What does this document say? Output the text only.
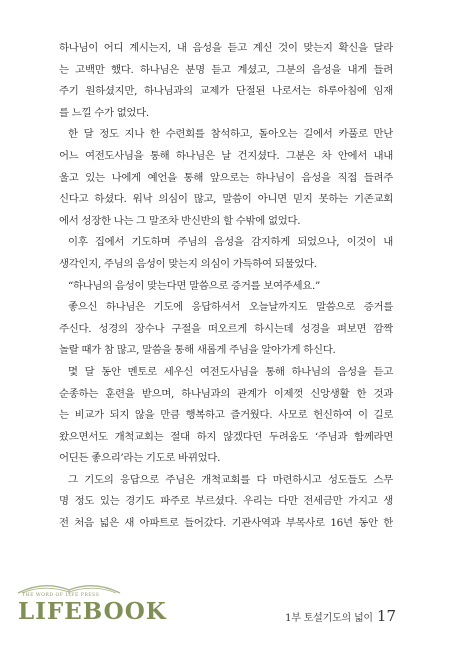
하나님이 어디 계시는지, 내 음성을 듣고 계신 것이 맞는지 확신을 달라
는 고백만 했다. 하나님은 분명 듣고 계셨고, 그분의 음성을 내게 들려
주기 원하셨지만, 하나님과의 교제가 단절된 나로서는 하루아침에 임재
를 느낄 수가 없었다.
한 달 정도 지나 한 수련회를 참석하고, 돌아오는 길에서 카풀로 만난
어느 여전도사님을 통해 하나님은 날 건지셨다. 그분은 차 안에서 내내
울고 있는 나에게 예언을 통해 앞으로는 하나님이 음성을 직접 들려주
신다고 하셨다. 워낙 의심이 많고, 말씀이 아니면 믿지 못하는 기존교회
에서 성장한 나는 그 말조차 반신반의 할 수밖에 없었다.
이후 집에서 기도하며 주님의 음성을 감지하게 되었으나, 이것이 내
생각인지, 주님의 음성이 맞는지 의심이 가득하여 되물었다.
“하나님의 음성이 맞는다면 말씀으로 증거를 보여주세요.”
좋으신 하나님은 기도에 응답하셔서 오늘날까지도 말씀으로 증거를
주신다. 성경의 장수나 구절을 떠오르게 하시는데 성경을 펴보면 깜짝
놀랄 때가 참 많고, 말씀을 통해 새롭게 주님을 알아가게 하신다.
몇 달 동안 멘토로 세우신 여전도사님을 통해 하나님의 음성을 듣고
순종하는 훈련을 받으며, 하나님과의 관계가 이제껏 신앙생활 한 것과
는 비교가 되지 않을 만큼 행복하고 즐거웠다. 사모로 헌신하여 이 길로
왔으면서도 개척교회는 절대 하지 않겠다던 두려움도 ‘주님과 함께라면
어딘든 좋으리’라는 기도로 바뀌었다.
그 기도의 응답으로 주님은 개척교회를 다 마련하시고 성도들도 스무
명 정도 있는 경기도 파주로 부르셨다. 우리는 다만 전세금만 가지고 생
전 처음 넓은 새 아파트로 들어갔다. 기관사역과 부목사로 16년 동안 한
THE WORD OF LIFE PRESS
LIFEBOOK	1부 토설기도의 넓이 17
